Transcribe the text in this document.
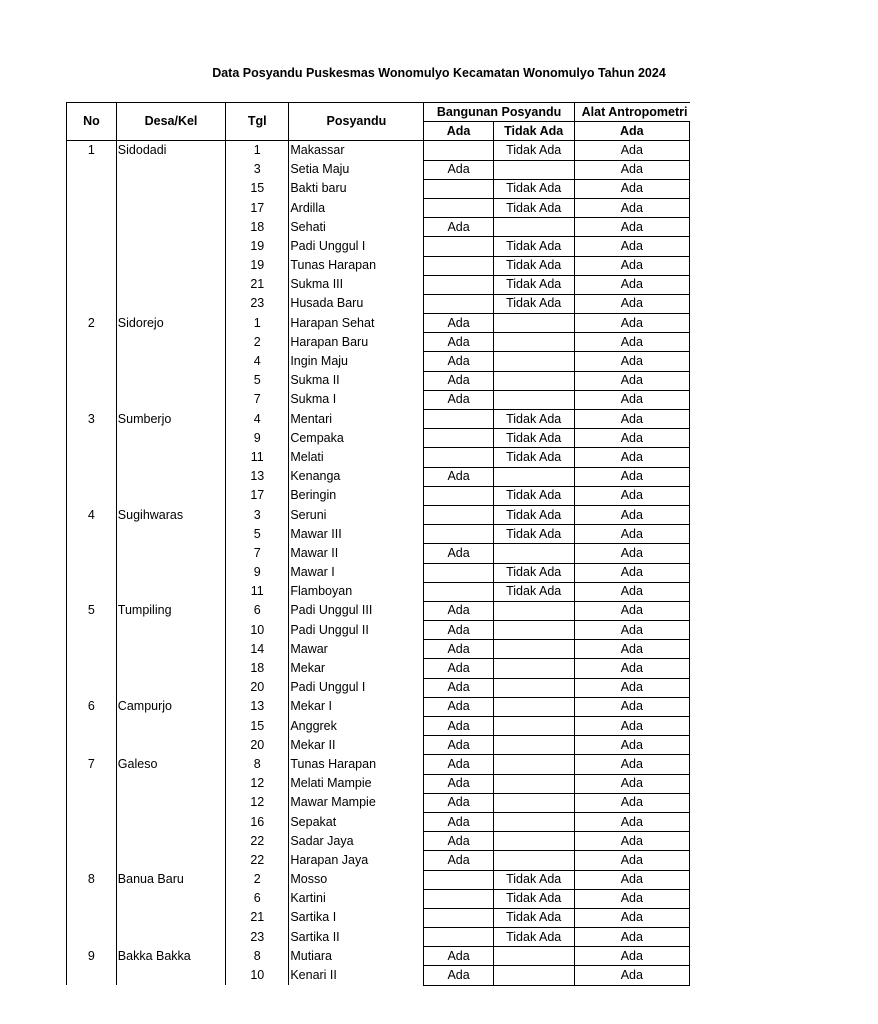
Data Posyandu Puskesmas Wonomulyo Kecamatan Wonomulyo Tahun 2024
No	Desa/Kel	Tgl	Posyandu	Bangunan Posyandu		Alat Antropometri
				Ada	Tidak Ada	Ada
1	Sidodadi	1	Makassar		Tidak Ada	Ada
		3	Setia Maju	Ada		Ada
		15	Bakti baru		Tidak Ada	Ada
		17	Ardilla		Tidak Ada	Ada
		18	Sehati	Ada		Ada
		19	Padi Unggul I		Tidak Ada	Ada
		19	Tunas Harapan		Tidak Ada	Ada
		21	Sukma III		Tidak Ada	Ada
		23	Husada Baru		Tidak Ada	Ada
2	Sidorejo	1	Harapan Sehat	Ada		Ada
		2	Harapan Baru	Ada		Ada
		4	Ingin Maju	Ada		Ada
		5	Sukma II	Ada		Ada
		7	Sukma I	Ada		Ada
3	Sumberjo	4	Mentari		Tidak Ada	Ada
		9	Cempaka		Tidak Ada	Ada
		11	Melati		Tidak Ada	Ada
		13	Kenanga	Ada		Ada
		17	Beringin		Tidak Ada	Ada
4	Sugihwaras	3	Seruni		Tidak Ada	Ada
		5	Mawar III		Tidak Ada	Ada
		7	Mawar II	Ada		Ada
		9	Mawar I		Tidak Ada	Ada
		11	Flamboyan		Tidak Ada	Ada
5	Tumpiling	6	Padi Unggul III	Ada		Ada
		10	Padi Unggul II	Ada		Ada
		14	Mawar	Ada		Ada
		18	Mekar	Ada		Ada
		20	Padi Unggul I	Ada		Ada
6	Campurjo	13	Mekar I	Ada		Ada
		15	Anggrek	Ada		Ada
		20	Mekar II	Ada		Ada
7	Galeso	8	Tunas Harapan	Ada		Ada
		12	Melati Mampie	Ada		Ada
		12	Mawar Mampie	Ada		Ada
		16	Sepakat	Ada		Ada
		22	Sadar Jaya	Ada		Ada
		22	Harapan Jaya	Ada		Ada
8	Banua Baru	2	Mosso		Tidak Ada	Ada
		6	Kartini		Tidak Ada	Ada
		21	Sartika I		Tidak Ada	Ada
		23	Sartika II		Tidak Ada	Ada
9	Bakka Bakka	8	Mutiara	Ada		Ada
		10	Kenari II	Ada		Ada
